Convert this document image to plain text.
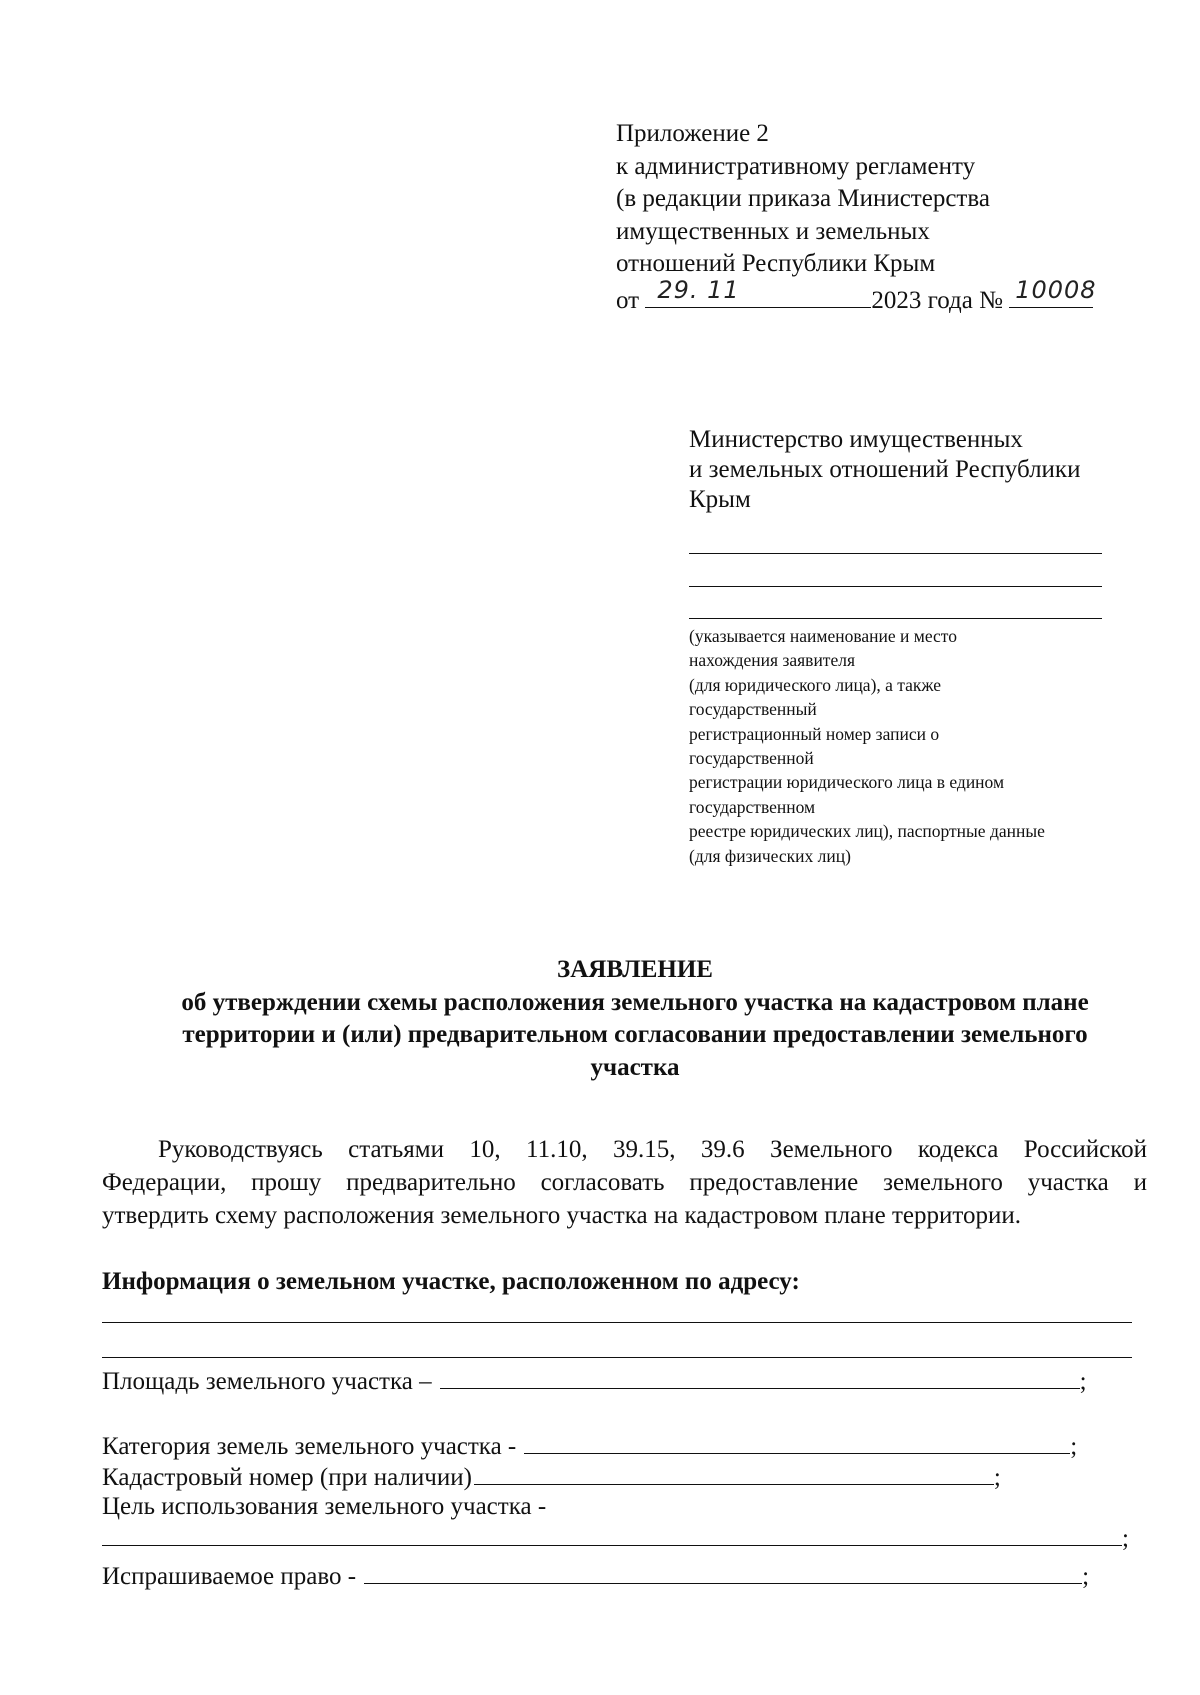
Приложение 2
к административному регламенту
(в редакции приказа Министерства
имущественных и земельных
отношений Республики Крым
от 29. 11	2023 года № 10008
Министерство имущественных
и земельных отношений Республики
Крым
(указывается наименование и место
нахождения заявителя
(для юридического лица), а также
государственный
регистрационный номер записи о
государственной
регистрации юридического лица в едином
государственном
реестре юридических лиц), паспортные данные
(для физических лиц)
ЗАЯВЛЕНИЕ
об утверждении схемы расположения земельного участка на кадастровом плане
территории и (или) предварительном согласовании предоставлении земельного
участка
Руководствуясь статьями 10, 11.10, 39.15, 39.6 Земельного кодекса Российской
Федерации, прошу предварительно согласовать предоставление земельного участка и
утвердить схему расположения земельного участка на кадастровом плане территории.
Информация о земельном участке, расположенном по адресу:
Площадь земельного участка –	;
Категория земель земельного участка -	;
Кадастровый номер (при наличии)	;
Цель использования земельного участка -
;
Испрашиваемое право -	;
